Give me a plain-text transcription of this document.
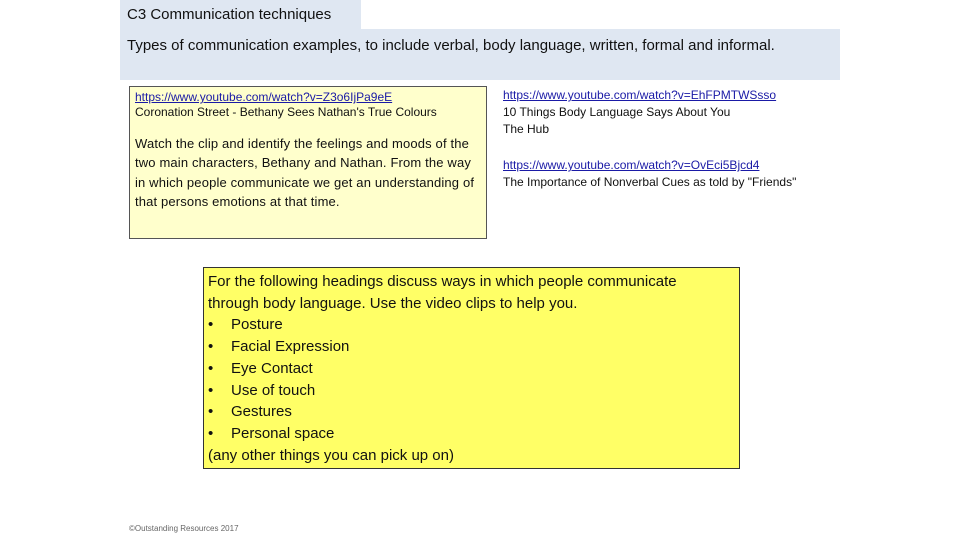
C3 Communication techniques
Types of communication examples, to include verbal, body language, written, formal and informal.
https://www.youtube.com/watch?v=Z3o6IjPa9eE
Coronation Street - Bethany Sees Nathan's True Colours
Watch the clip and identify the feelings and moods of the two main characters, Bethany and Nathan. From the way in which people communicate we get an understanding of that persons emotions at that time.
https://www.youtube.com/watch?v=EhFPMTWSsso
10 Things Body Language Says About You
The Hub
https://www.youtube.com/watch?v=OvEci5Bjcd4
The Importance of Nonverbal Cues as told by "Friends"
For the following headings discuss ways in which people communicate through body language. Use the video clips to help you.
•	Posture
•	Facial Expression
•	Eye Contact
•	Use of touch
•	Gestures
•	Personal space
(any other things you can pick up on)
©Outstanding Resources 2017
